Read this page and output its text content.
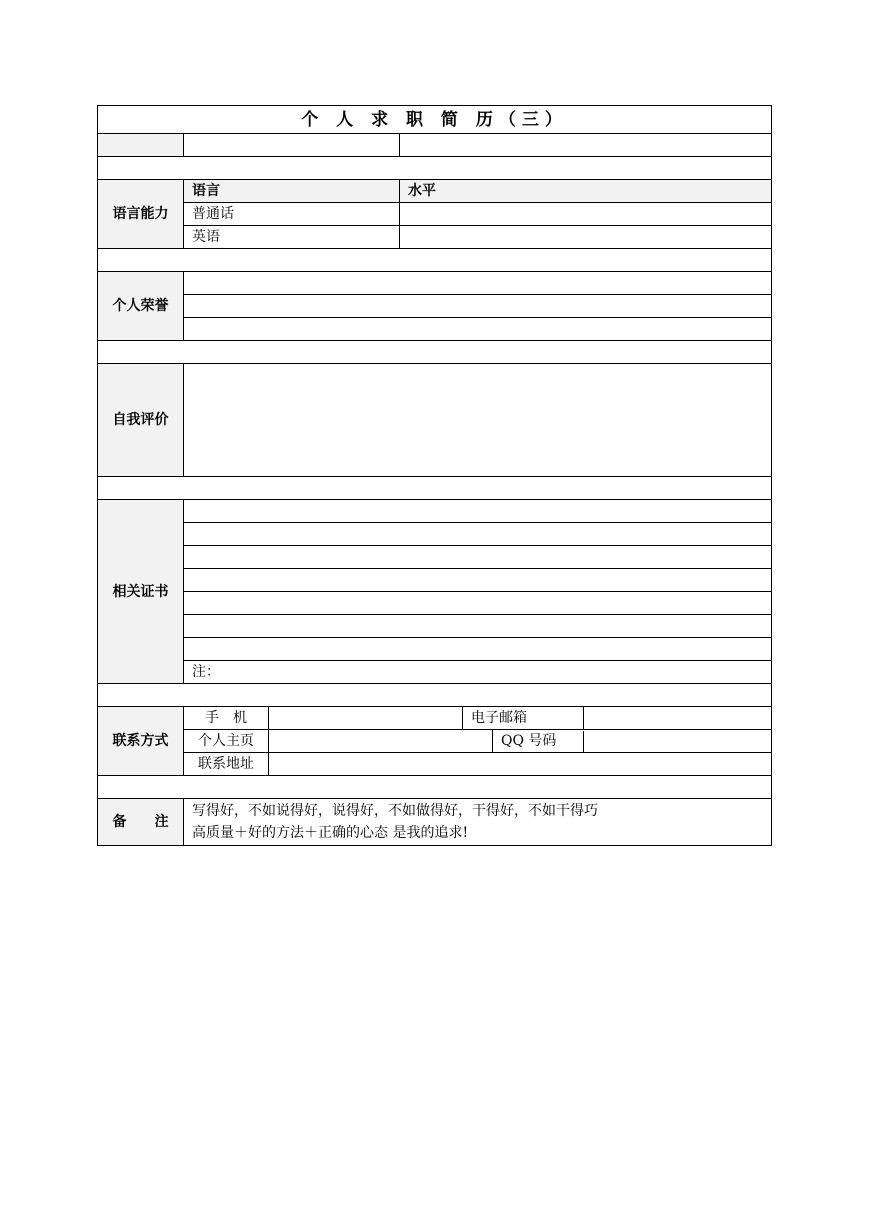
个 人 求 职 简 历（三）

语言能力	语言	水平
普通话	
英语	

个人荣誉	

自我评价	

相关证书	

注：

联系方式	手　机		电子邮箱	
个人主页			QQ 号码	

联系地址	

备　　注	
写得好，不如说得好，说得好，不如做得好，干得好，不如干得巧
高质量＋好的方法＋正确的心态 是我的追求!
